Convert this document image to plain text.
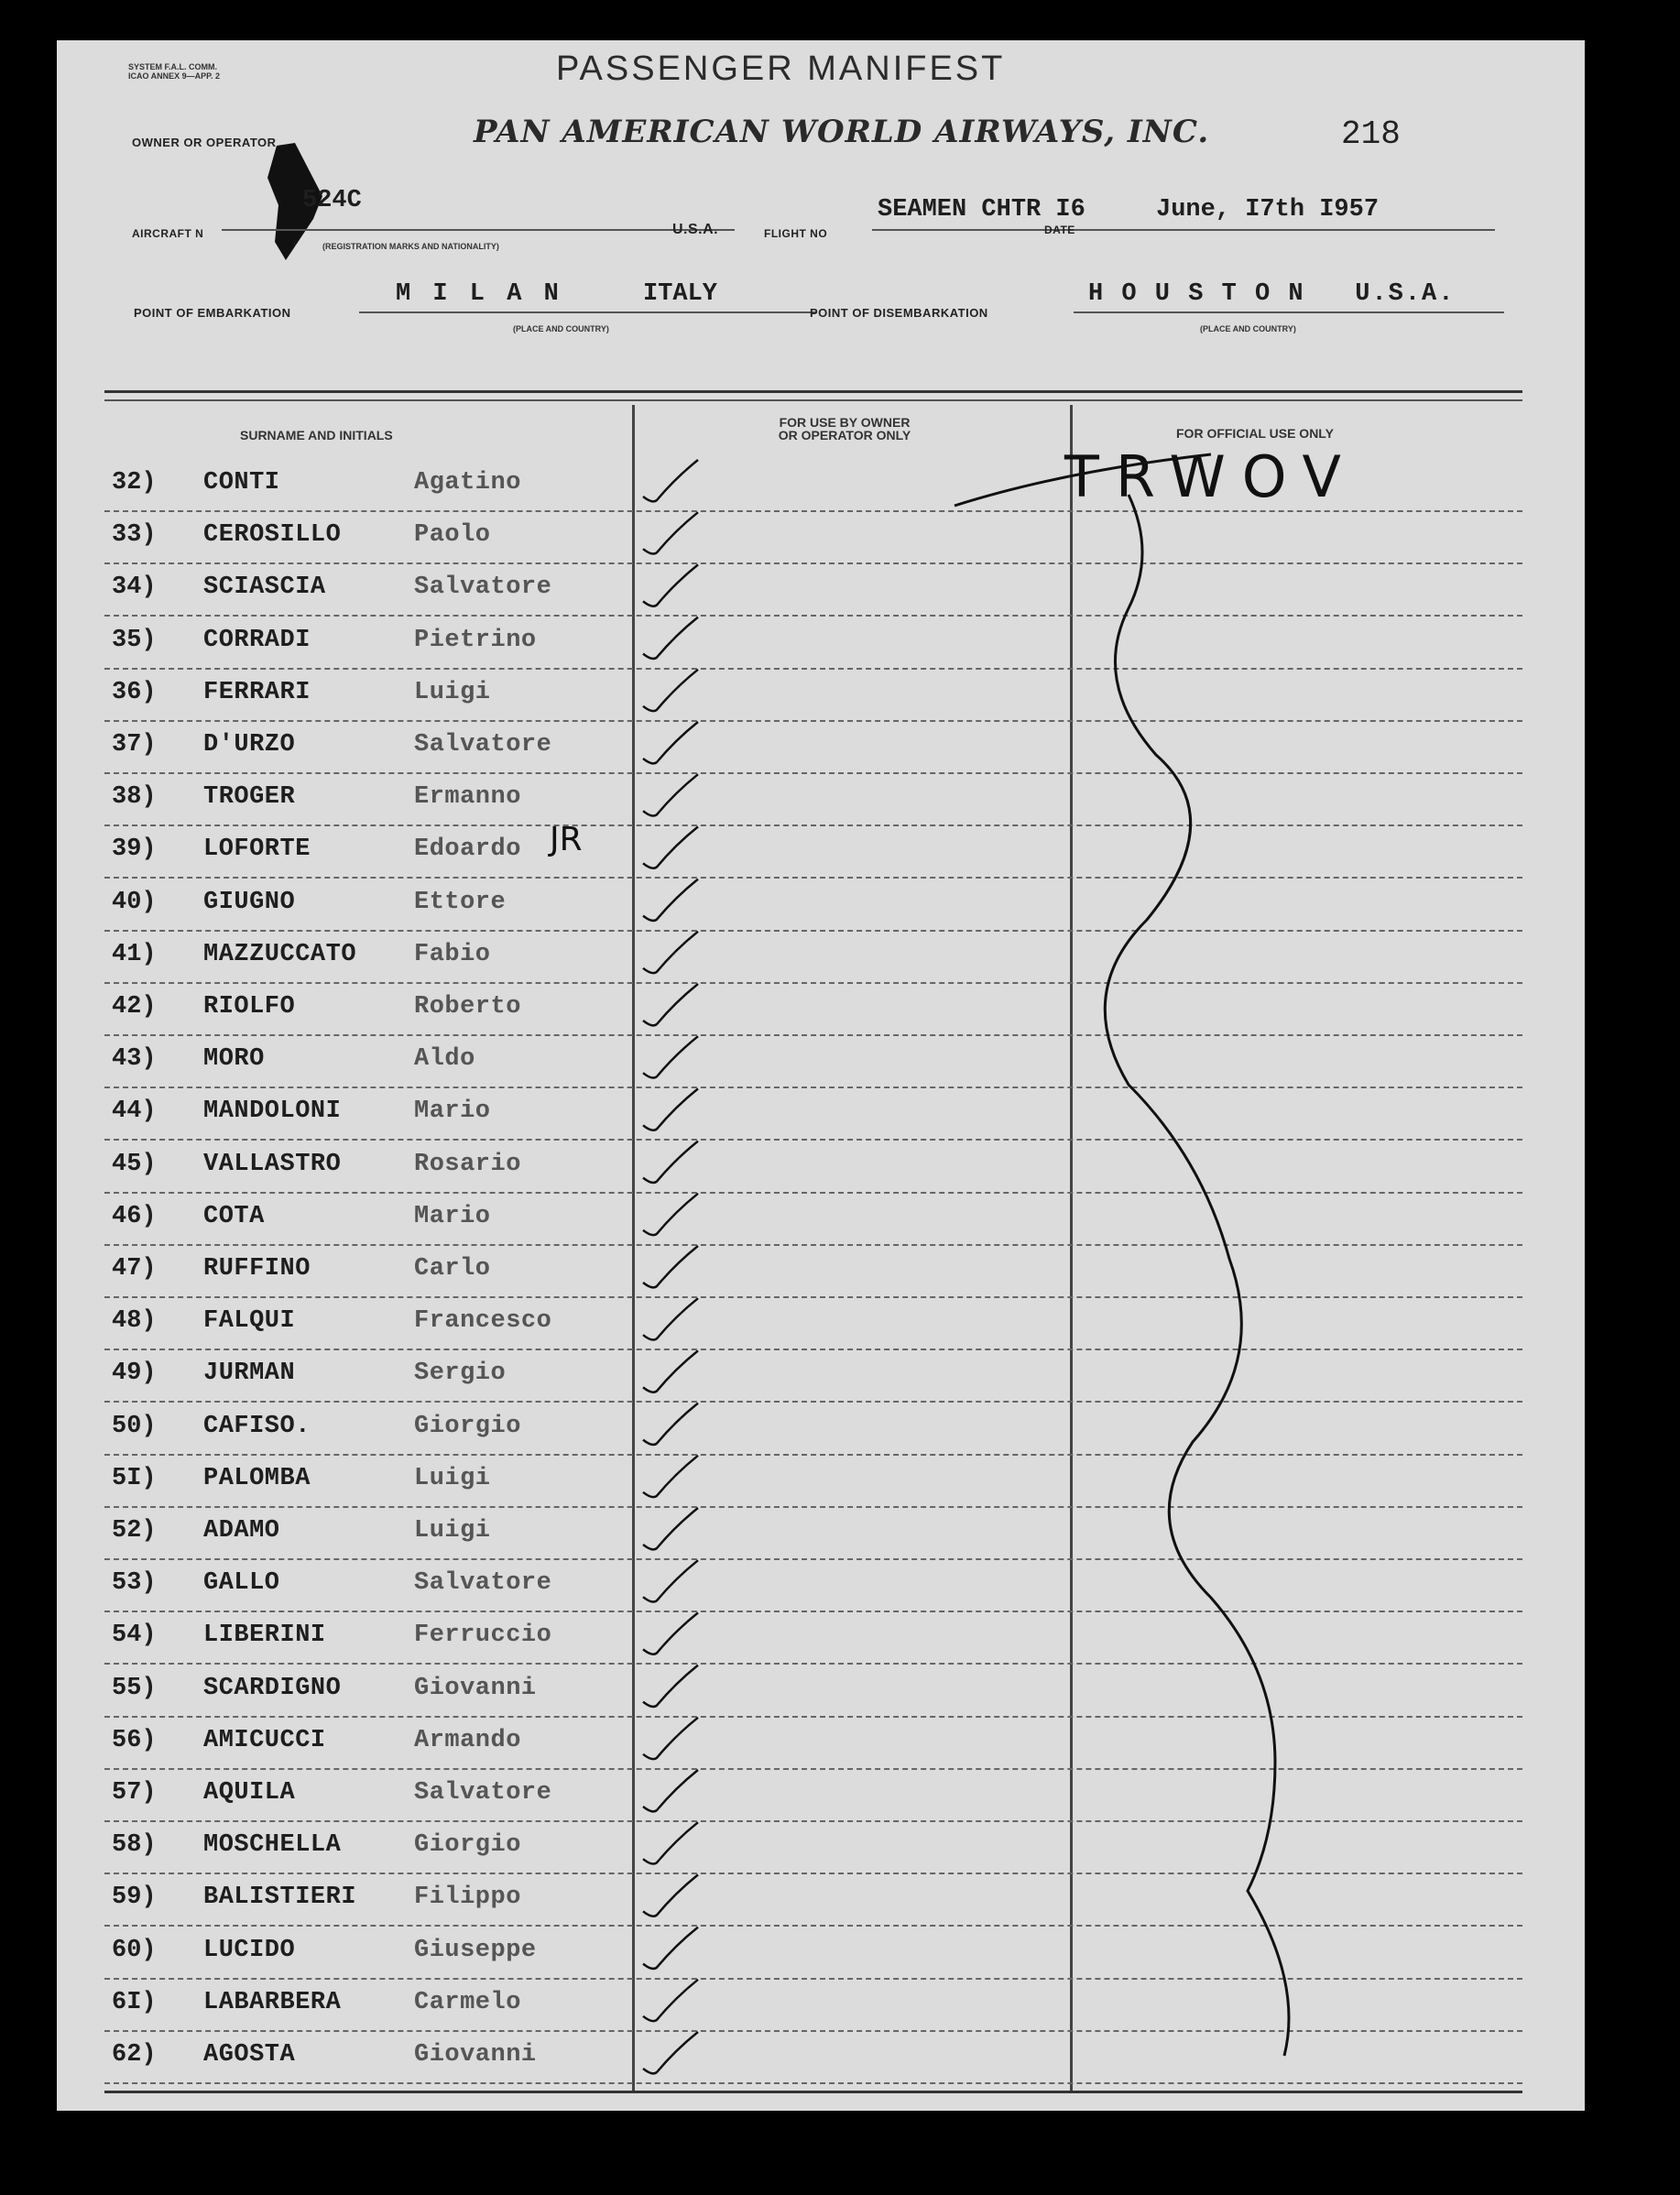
SYSTEM F.A.L. COMM.
ICAO ANNEX 9—APP. 2	PASSENGER MANIFEST
218
OWNER OR OPERATOR	PAN AMERICAN WORLD AIRWAYS, INC.
AIRCRAFT N
524C
(REGISTRATION MARKS AND NATIONALITY)
U.S.A.	FLIGHT NO
SEAMEN CHTR I6	June, I7th I957
DATE
POINT OF EMBARKATION
M I L A N	ITALY
(PLACE AND COUNTRY)
POINT OF DISEMBARKATION
H O U S T O N   U.S.A.
(PLACE AND COUNTRY)
SURNAME AND INITIALS
FOR USE BY OWNER
OR OPERATOR ONLY	FOR OFFICIAL USE ONLY
32) CONTI	Agatino
33) CEROSILLO	Paolo
34) SCIASCIA	Salvatore
35) CORRADI	Pietrino
36) FERRARI	Luigi
37) D'URZO	Salvatore
38) TROGER	Ermanno
39) LOFORTE	Edoardo
40) GIUGNO	Ettore
41) MAZZUCCATO Fabio
42) RIOLFO	Roberto
43) MORO	Aldo
44) MANDOLONI	Mario
45) VALLASTRO	Rosario
46) COTA	Mario
47) RUFFINO	Carlo
48) FALQUI	Francesco
49) JURMAN	Sergio
50) CAFISO.	Giorgio
5I) PALOMBA	Luigi
52) ADAMO	Luigi
53) GALLO	Salvatore
54) LIBERINI	Ferruccio
55) SCARDIGNO	Giovanni
56) AMICUCCI	Armando
57) AQUILA	Salvatore
58) MOSCHELLA	Giorgio
59) BALISTIERI Filippo
60) LUCIDO	Giuseppe
6I) LABARBERA	Carmelo
62) AGOSTA	Giovanni
TRWOV
JR
